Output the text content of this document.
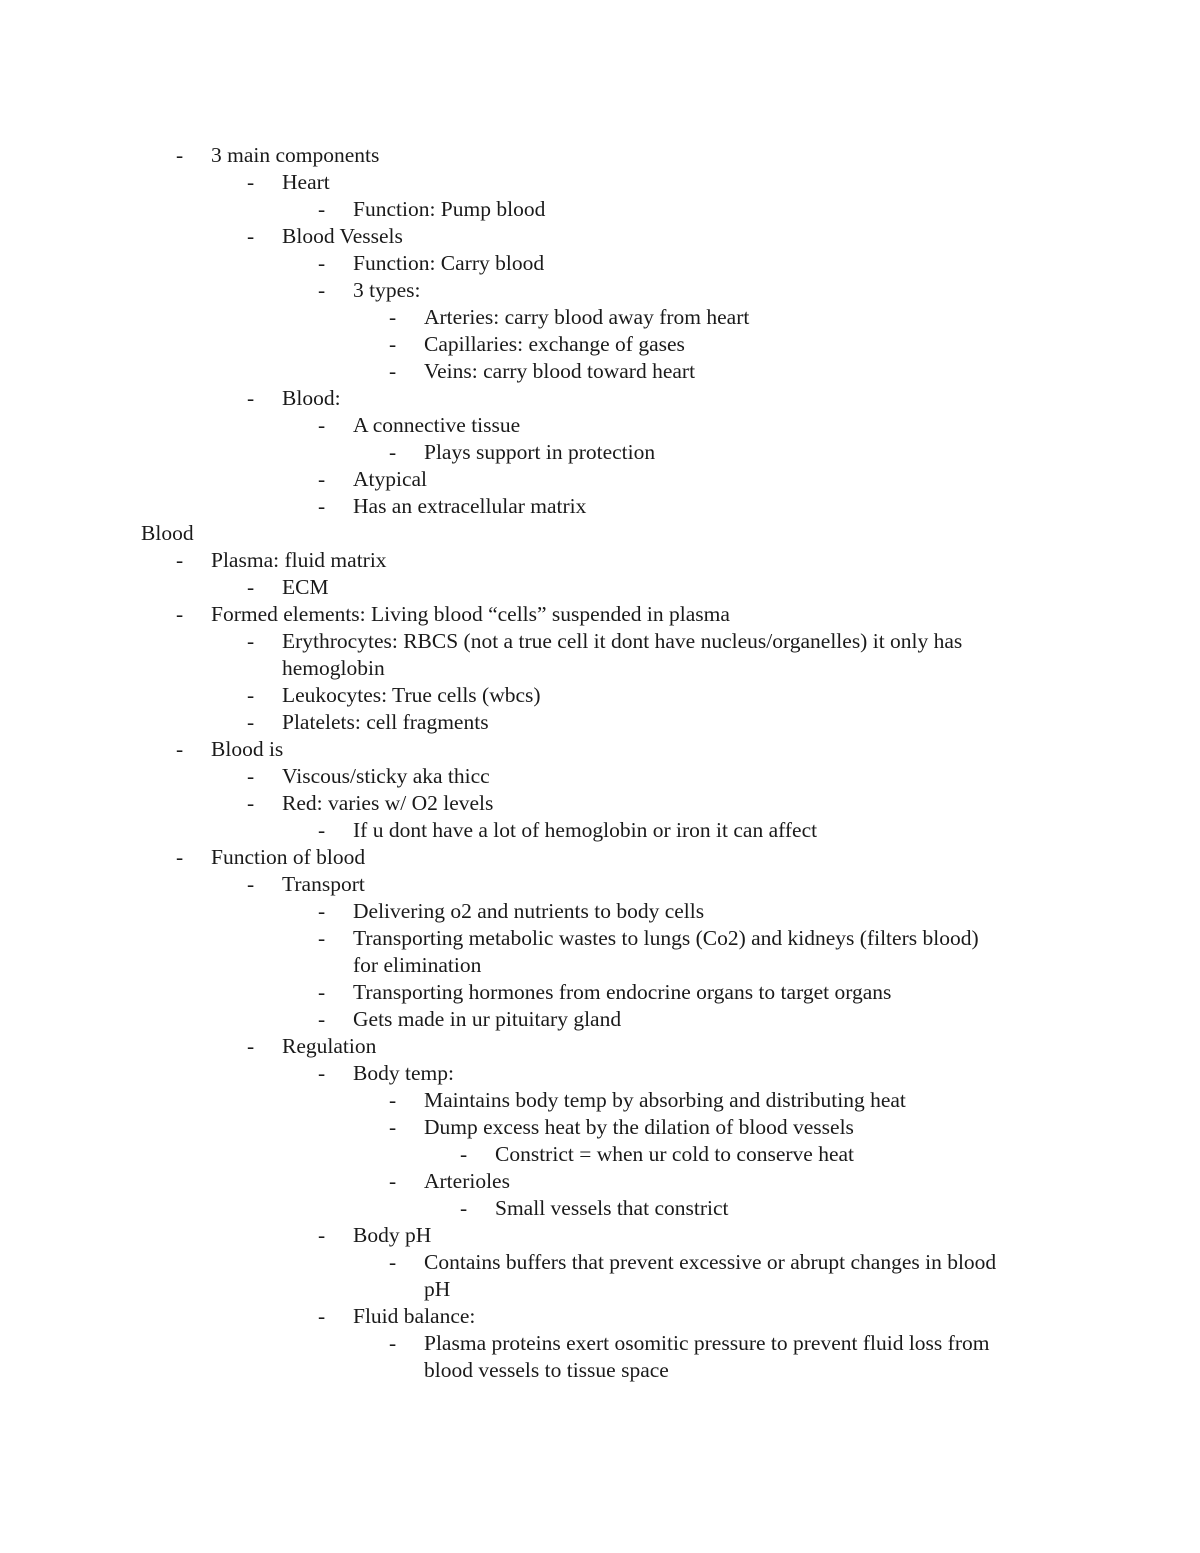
- 3 main components
- Heart
- Function: Pump blood
- Blood Vessels
- Function: Carry blood
- 3 types:
- Arteries: carry blood away from heart
- Capillaries: exchange of gases
- Veins: carry blood toward heart
- Blood:
- A connective tissue
- Plays support in protection
- Atypical
- Has an extracellular matrix
Blood
- Plasma: fluid matrix
- ECM
- Formed elements: Living blood “cells” suspended in plasma
- Erythrocytes: RBCS (not a true cell it dont have nucleus/organelles) it only has
hemoglobin
- Leukocytes: True cells (wbcs)
- Platelets: cell fragments
- Blood is
- Viscous/sticky aka thicc
- Red: varies w/ O2 levels
- If u dont have a lot of hemoglobin or iron it can affect
- Function of blood
- Transport
- Delivering o2 and nutrients to body cells
- Transporting metabolic wastes to lungs (Co2) and kidneys (filters blood)
for elimination
- Transporting hormones from endocrine organs to target organs
- Gets made in ur pituitary gland
- Regulation
- Body temp:
- Maintains body temp by absorbing and distributing heat
- Dump excess heat by the dilation of blood vessels
- Constrict = when ur cold to conserve heat
- Arterioles
- Small vessels that constrict
- Body pH
- Contains buffers that prevent excessive or abrupt changes in blood
pH
- Fluid balance:
- Plasma proteins exert osomitic pressure to prevent fluid loss from
blood vessels to tissue space
